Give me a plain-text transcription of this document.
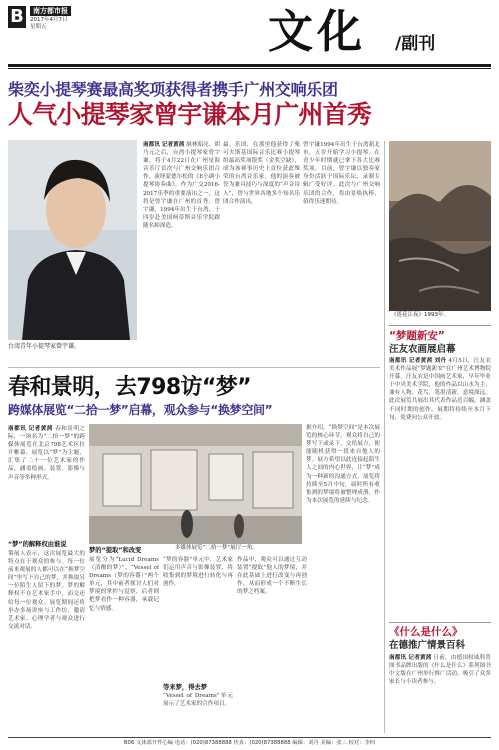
B	南方都市报
2017年4月7日
星期五	文化 /副刊
柴奕小提琴赛最高奖项获得者携手广州交响乐团
人气小提琴家曾宇谦本月广州首秀
台湾青年小提琴家曾宇谦。
南都讯 记者黄茜 继林昭亮、胡乃元之后，台湾小提琴家曾宇谦，将于4月22日在广州星海音乐厅首次与广州交响乐团合作，演绎蒙德尔松的《E小调小提琴协奏曲》。作为广交2016-2017乐季的重要演出之一，这将是曾宇谦在广州的首秀。曾宇谦，1994年出生于台湾，十四岁赴美国柯蒂斯音乐学院跟随名师深造。
最、乐团，在那里他获得了柴可夫斯基国际音乐比赛小提琴组最高奖项银奖（金奖空缺），成为该赛事历史上首位获此殊荣的台湾音乐家。他的演奏被誉为兼具技巧与深度的“声音诗人”，曾与世界各地多个知名乐团合作演出。
曾宇谦1994年出生于台湾新北市，五岁开始学习小提琴，在青少年时期就已拿下各大比赛奖项。目前，曾宇谦以独奏家身份活跃于国际乐坛，录制专辑广受好评。此次与广州交响乐团的合作，将由景焕执棒，值得乐迷期待。
《莲花江夜》1993年。
“梦题新安”
汪友农画展启幕
南都讯 记者黄茜 刘丹 4月5日，汪友农美术作品展“梦题新安”在广州艺术博物院开幕。汪友农是中国画艺术家，早年毕业于中央美术学院，他的作品以山水为主，兼有人物、花鸟，笔墨清新，意境深远。此次展览共展出其代表作品近百幅，涵盖不同时期的创作，展期将持续至本月下旬，免费向公众开放。
《什么是什么》
在德推广情景百科
南都讯 记者黄茜 日前，由德国权威科普图书品牌出版的《什么是什么》系列图书中文版在广州举行推广活动，吸引了众多家长与小读者参与。
春和景明，去798访“梦”
跨媒体展览“二拾一梦”启幕，观众参与“换梦空间”
南都讯 记者黄茜 春和景明之际，一场名为“二拾一梦”的跨媒体展览在北京798艺术区拉开帷幕。展览以“梦”为主题，汇集了二十一位艺术家的作品，涵盖绘画、装置、影像与声音等多种形式。
“梦”的解释权由谁说
策展人表示，这次展览最大的特点在于观众的参与。每一位前来观展的人都可以在“换梦空间”里写下自己的梦，并换取另一位陌生人留下的梦。梦的解释权不在艺术家手中，而交还给每一位观众。展览期间还将举办多场讲座与工作坊，邀请艺术家、心理学者与观众进行交流对话。
多媒体展览“二拾一梦”展厅一角。
梦的“提取”和改变
展览分为“Lucid Dreams（清醒的梦）”、“Vessel of Dreams（梦的容器）”两个单元，其中前者探讨人们对梦境的掌控与觉察，后者则把梦看作一种容器，承载记忆与情感。
“梦的容器”单元中，艺术家们运用声音与影像装置，将收集到的梦境进行转化与再创作。
等来梦，得去梦
“Vessel of Dreams”单元展示了艺术家的合作项目。
作品中，观众可以通过互动装置“提取”他人的梦境，并在此基础上进行改变与再创作，从而形成一个不断生长的梦之档案。
据介绍，“换梦空间”是本次展览的核心环节。观众将自己的梦写下或录下，交给展方，便能随机获得一段来自他人的梦。展方希望以此连接起陌生人之间的内心世界，让“梦”成为一种新的沟通方式。展览将持续至5月中旬，届时所有收集到的梦境将被整理成册，作为本次展览的延续与纪念。
B06 文体部开件心编 电话：(020)87388888 传真：(020)87388888 编辑：刘丹 美编：张三 校对：李四
